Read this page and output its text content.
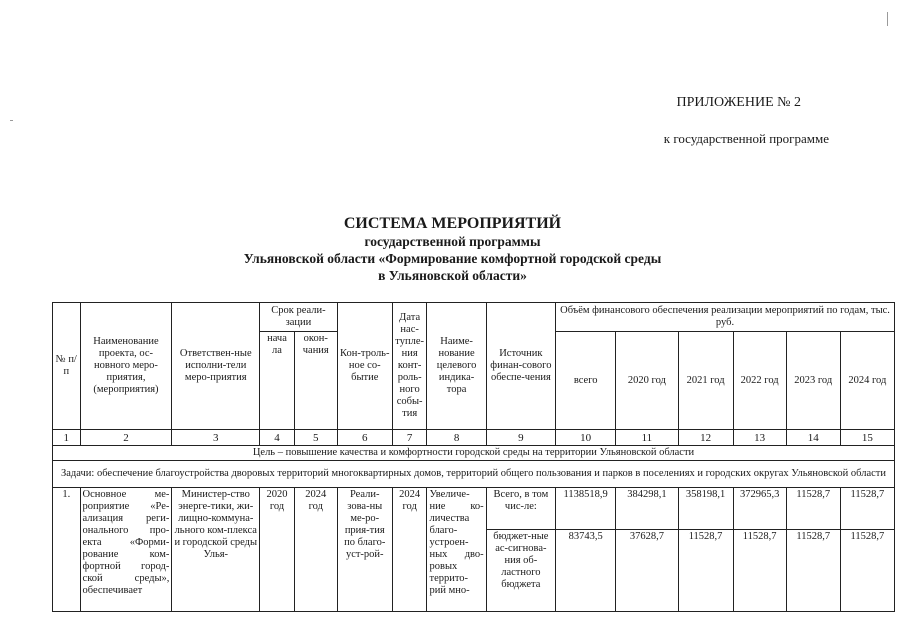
ПРИЛОЖЕНИЕ № 2
к государственной программе
СИСТЕМА МЕРОПРИЯТИЙ
государственной программы
Ульяновской области «Формирование комфортной городской среды
в Ульяновской области»
№ п/п	Наименование проекта, ос-новного меро-приятия, (мероприятия)	Ответствен-ные исполни-тели меро-приятия	Срок реали-зации		Кон-троль-ное со-бытие	Дата нас-тупле-ния конт-роль-ного собы-тия	Наиме-нование целевого индика-тора	Источник финан-сового обеспе-чения	Объём финансового обеспечения реализации мероприятий по годам, тыс. руб.					
			нача ла	окон-чания					всего	2020 год	2021 год	2022 год	2023 год	2024 год
1	2	3	4	5	6	7	8	9	10	11	12	13	14	15
Цель – повышение качества и комфортности городской среды на территории Ульяновской области														
Задачи: обеспечение благоустройства дворовых территорий многоквартирных домов, территорий общего пользования и парков в поселениях и городских округах Ульяновской области														
1.	Основное ме-роприятие «Ре-ализация реги-онального про-екта «Форми-рование ком-фортной город-ской среды», обеспечивает	Министер-ство энерге-тики, жи-лищно-коммуна-льного ком-плекса и городской среды Улья-	2020 год	2024 год	Реали-зова-ны ме-ро-прия-тия по благо-уст-рой-	2024 год	Увеличе-ние ко-личества благо-устроен-ных дво-ровых террито-рий мно-	Всего, в том чис-ле:	1138518,9	384298,1	358198,1	372965,3	11528,7	11528,7
								бюджет-ные ас-сигнова-ния об-ластного бюджета	83743,5	37628,7	11528,7	11528,7	11528,7	11528,7
